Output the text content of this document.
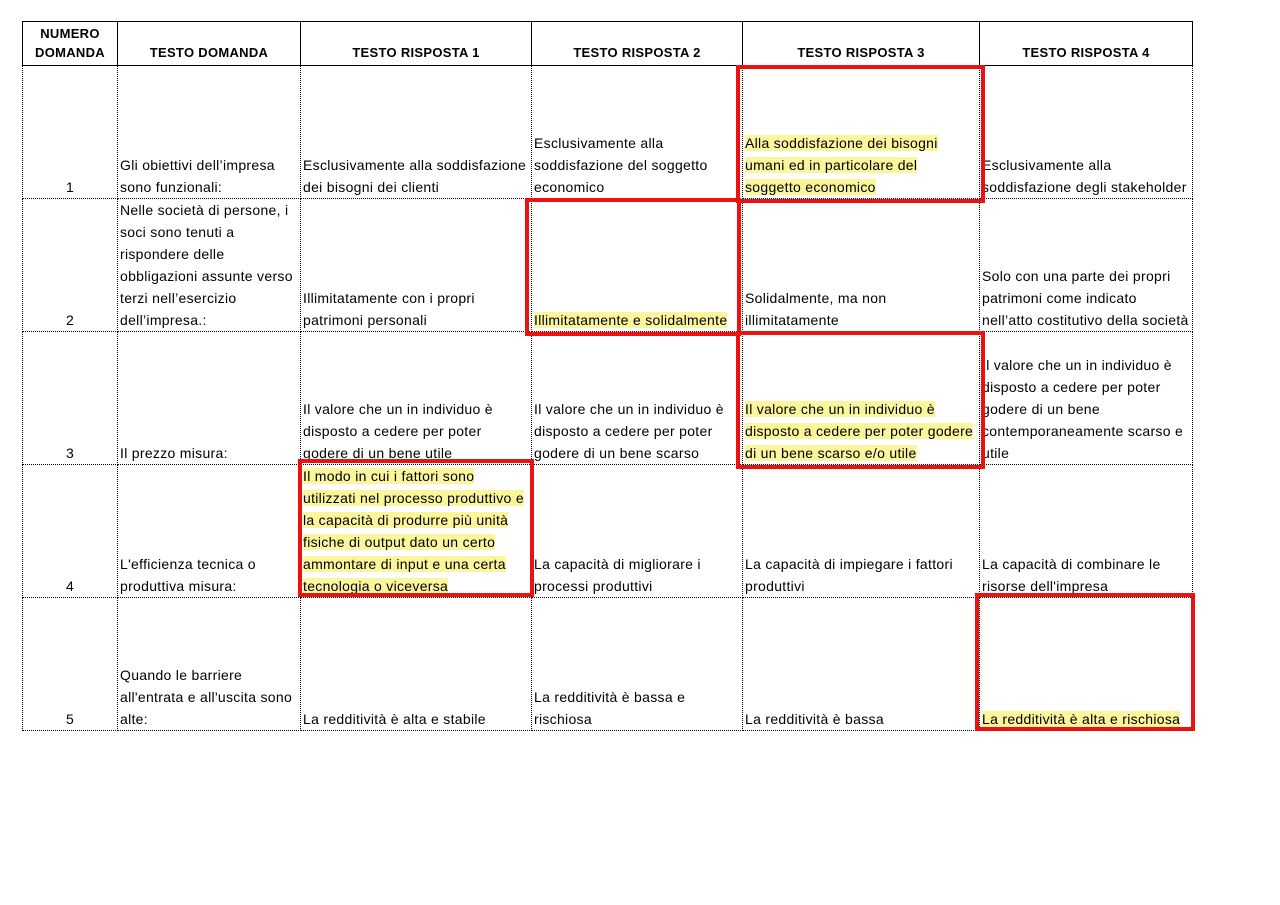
NUMERO DOMANDA	TESTO DOMANDA	TESTO RISPOSTA 1	TESTO RISPOSTA 2	TESTO RISPOSTA 3	TESTO RISPOSTA 4
1	Gli obiettivi dell’impresa sono funzionali:	Esclusivamente alla soddisfazione dei bisogni dei clienti	Esclusivamente alla soddisfazione del soggetto economico	Alla soddisfazione dei bisogni umani ed in particolare del soggetto economico	Esclusivamente alla soddisfazione degli stakeholder
2	Nelle società di persone, i soci sono tenuti a rispondere delle obbligazioni assunte verso terzi nell’esercizio dell’impresa.:	Illimitatamente con i propri patrimoni personali	Illimitatamente e solidalmente	Solidalmente, ma non illimitatamente	Solo con una parte dei propri patrimoni come indicato nell’atto costitutivo della società
3	Il prezzo misura:	Il valore che un in individuo è disposto a cedere per poter godere di un bene utile	Il valore che un in individuo è disposto a cedere per poter godere di un bene scarso	Il valore che un in individuo è disposto a cedere per poter godere di un bene scarso e/o utile	Il valore che un in individuo è disposto a cedere per poter godere di un bene contemporaneamente scarso e utile
4	L'efficienza tecnica o produttiva misura:	Il modo in cui i fattori sono utilizzati nel processo produttivo e la capacità di produrre più unità fisiche di output dato un certo ammontare di input e una certa tecnologia o viceversa	La capacità di migliorare i processi produttivi	La capacità di impiegare i fattori produttivi	La capacità di combinare le risorse dell'impresa
5	Quando le barriere all'entrata e all'uscita sono alte:	La redditività è alta e stabile	La redditività è bassa e rischiosa	La redditività è bassa	La redditività è alta e rischiosa
